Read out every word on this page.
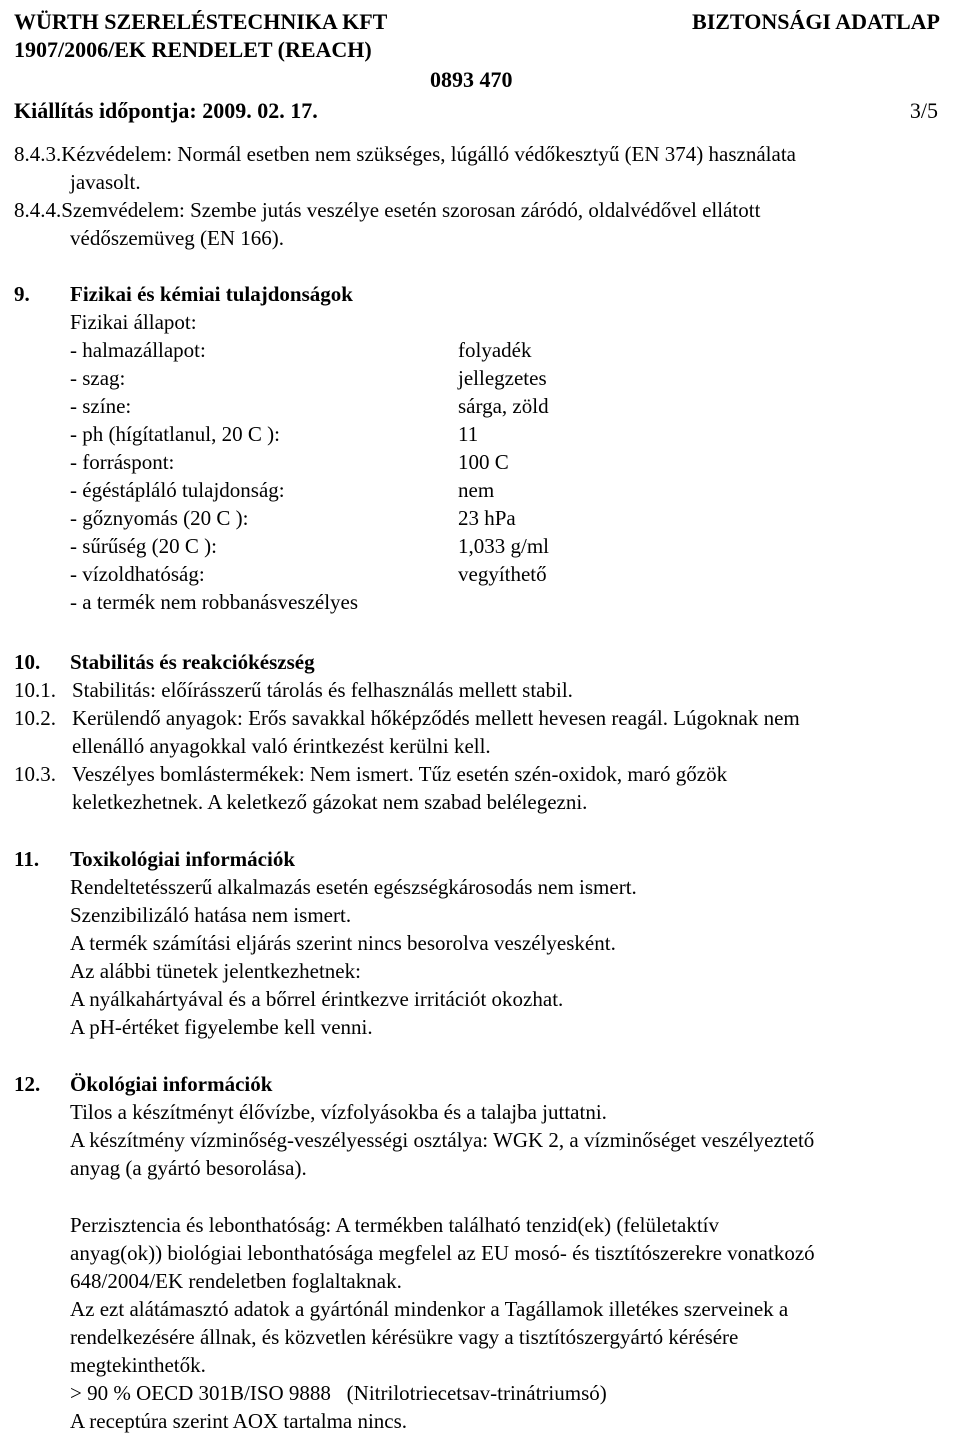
WÜRTH SZERELÉSTECHNIKA KFT	BIZTONSÁGI ADATLAP
1907/2006/EK RENDELET (REACH)
0893 470
Kiállítás időpontja: 2009. 02. 17.	3/5
8.4.3.Kézvédelem: Normál esetben nem szükséges, lúgálló védőkesztyű (EN 374) használata
javasolt.
8.4.4.Szemvédelem: Szembe jutás veszélye esetén szorosan záródó, oldalvédővel ellátott
védőszemüveg (EN 166).
9. Fizikai és kémiai tulajdonságok
Fizikai állapot:
- halmazállapot:	folyadék
- szag:	jellegzetes
- színe:	sárga, zöld
- ph (hígítatlanul, 20 C ):	11
- forráspont:	100 C
- égéstápláló tulajdonság:	nem
- gőznyomás (20 C ):	23 hPa
- sűrűség (20 C ):	1,033 g/ml
- vízoldhatóság:	vegyíthető
- a termék nem robbanásveszélyes
10. Stabilitás és reakciókészség
10.1. Stabilitás: előírásszerű tárolás és felhasználás mellett stabil.
10.2. Kerülendő anyagok: Erős savakkal hőképződés mellett hevesen reagál. Lúgoknak nem
ellenálló anyagokkal való érintkezést kerülni kell.
10.3. Veszélyes bomlástermékek: Nem ismert. Tűz esetén szén-oxidok, maró gőzök
keletkezhetnek. A keletkező gázokat nem szabad belélegezni.
11. Toxikológiai információk
Rendeltetésszerű alkalmazás esetén egészségkárosodás nem ismert.
Szenzibilizáló hatása nem ismert.
A termék számítási eljárás szerint nincs besorolva veszélyesként.
Az alábbi tünetek jelentkezhetnek:
A nyálkahártyával és a bőrrel érintkezve irritációt okozhat.
A pH-értéket figyelembe kell venni.
12. Ökológiai információk
Tilos a készítményt élővízbe, vízfolyásokba és a talajba juttatni.
A készítmény vízminőség-veszélyességi osztálya: WGK 2, a vízminőséget veszélyeztető
anyag (a gyártó besorolása).
Perzisztencia és lebonthatóság: A termékben található tenzid(ek) (felületaktív
anyag(ok)) biológiai lebonthatósága megfelel az EU mosó- és tisztítószerekre vonatkozó
648/2004/EK rendeletben foglaltaknak.
Az ezt alátámasztó adatok a gyártónál mindenkor a Tagállamok illetékes szerveinek a
rendelkezésére állnak, és közvetlen kérésükre vagy a tisztítószergyártó kérésére
megtekinthetők.
> 90 % OECD 301B/ISO 9888   (Nitrilotriecetsav-trinátriumsó)
A receptúra szerint AOX tartalma nincs.
